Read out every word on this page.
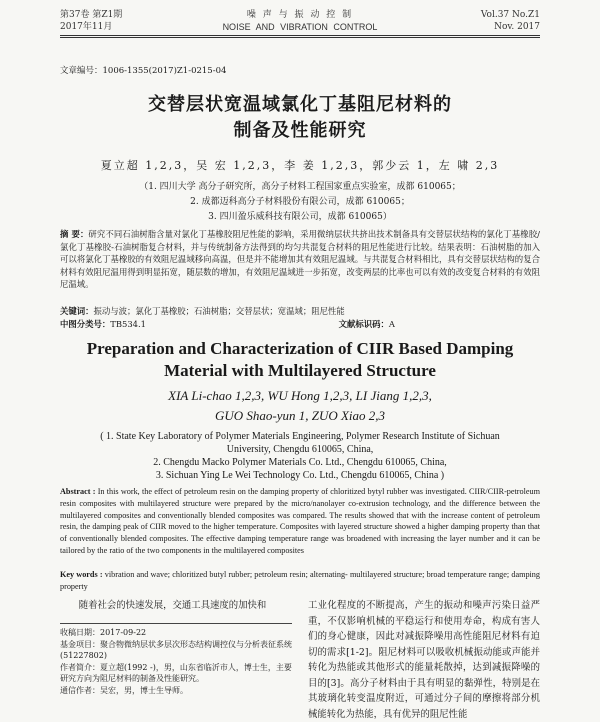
第37卷 第Z1期
2017年11月
噪 声 与 振 动 控 制
NOISE AND VIBRATION CONTROL
Vol.37 No.Z1
Nov. 2017
文章编号：1006-1355(2017)Z1-0215-04
交替层状宽温域氯化丁基阻尼材料的
制备及性能研究
夏立超 1,2,3，吴 宏 1,2,3，李 姜 1,2,3，郭少云 1，左 啸 2,3
（1. 四川大学 高分子研究所，高分子材料工程国家重点实验室，成都 610065；
2. 成都迈科高分子材料股份有限公司，成都 610065；
3. 四川盈乐威科技有限公司，成都 610065）
摘 要：研究不同石油树脂含量对氯化丁基橡胶阻尼性能的影响，采用微纳层状共挤出技术制备具有交替层状结构的氯化丁基橡胶/氯化丁基橡胶-石油树脂复合材料，并与传统制备方法得到的均匀共混复合材料的阻尼性能进行比较。结果表明：石油树脂的加入可以将氯化丁基橡胶的有效阻尼温域移向高温，但是并不能增加其有效阻尼温域。与共混复合材料相比，具有交替层状结构的复合材料有效阻尼温用得到明显拓宽，随层数的增加，有效阻尼温域进一步拓宽，改变两层的比率也可以有效的改变复合材料的有效阻尼温域。
关键词：振动与波；氯化丁基橡胶；石油树脂；交替层状；宽温域；阻尼性能
中图分类号：TB534.1	文献标识码：A
Preparation and Characterization of CIIR Based Damping
Material with Multilayered Structure
XIA Li-chao 1,2,3, WU Hong 1,2,3, LI Jiang 1,2,3,
GUO Shao-yun 1, ZUO Xiao 2,3
( 1. State Key Laboratory of Polymer Materials Engineering, Polymer Research Institute of Sichuan
University, Chengdu 610065, China,
2. Chengdu Macko Polymer Materials Co. Ltd., Chengdu 610065, China,
3. Sichuan Ying Le Wei Technology Co. Ltd., Chengdu 610065, China )
Abstract : In this work, the effect of petroleum resin on the damping property of chloritized bytyl rubber was investigated. CIIR/CIIR-petroleum resin composites with multilayered structure were prepared by the micro/nanolayer co-extrusion technology, and the difference between the multilayered composites and conventionally blended composites was compared. The results showed that with the increase content of petroleum resin, the damping peak of CIIR moved to the higher temperature. Composites with layered structure showed a higher damping property than that of conventionally blended composites. The effective damping temperature range was broadened with increasing the layer number and it can be tailored by the ratio of the two components in the multilayered composites
Key words : vibration and wave; chloritized butyl rubber; petroleum resin; alternating- multilayered structure; broad temperature range; damping property
随着社会的快速发展，交通工具速度的加快和
收稿日期：2017-09-22
基金项目：聚合物微纳层状多层次形态结构调控仪与分析表征系统(51227802)
作者简介：夏立超(1992 -)，男，山东省临沂市人，博士生，主要研究方向为阻尼材料的制备及性能研究。
通信作者：吴宏，男，博士生导师。
工业化程度的不断提高，产生的振动和噪声污染日益严重，不仅影响机械的平稳运行和使用寿命，构成有害人们的身心健康，因此对减振降噪用高性能阻尼材料有迫切的需求[1-2]。阻尼材料可以吸收机械振动能或声能并转化为热能或其他形式的能量耗散掉，达到减振降噪的目的[3]。高分子材料由于具有明显的黏弹性，特别是在其玻璃化转变温度附近，可通过分子间的摩擦将部分机械能转化为热能，具有优异的阻尼性能
